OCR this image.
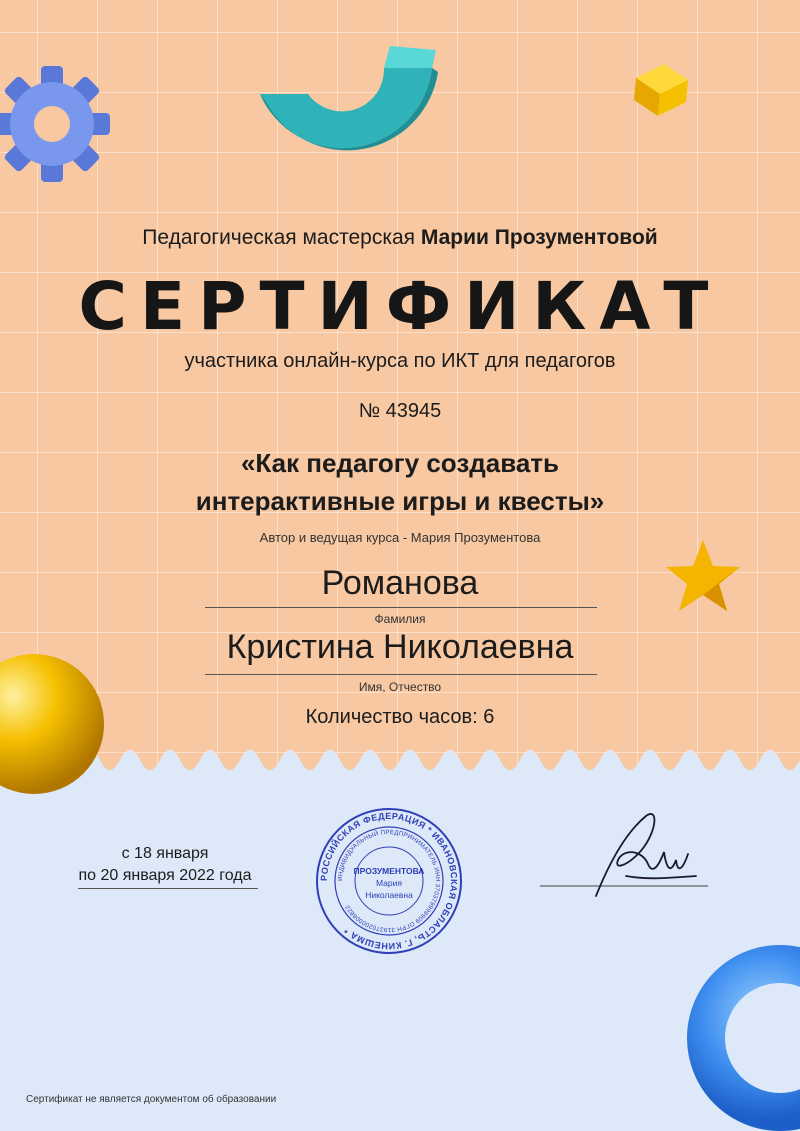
Педагогическая мастерская Марии Прозументовой
СЕРТИФИКАТ
участника онлайн-курса по ИКТ для педагогов
№ 43945
«Как педагогу создавать
интерактивные игры и квесты»
Автор и ведущая курса - Мария Прозументова
Романова
Фамилия
Кристина Николаевна
Имя, Отчество
Количество часов: 6
с 18 января
по 20 января 2022 года	РОССИЙСКАЯ ФЕДЕРАЦИЯ * ИВАНОВСКАЯ ОБЛАСТЬ, Г. КИНЕШМА *
ИНДИВИДУАЛЬНЫЙ ПРЕДПРИНИМАТЕЛЬ ИНН 370379999909 ОГРН 319370200008822
ПРОЗУМЕНТОВА
Мария
Николаевна
Сертификат не является документом об образовании
